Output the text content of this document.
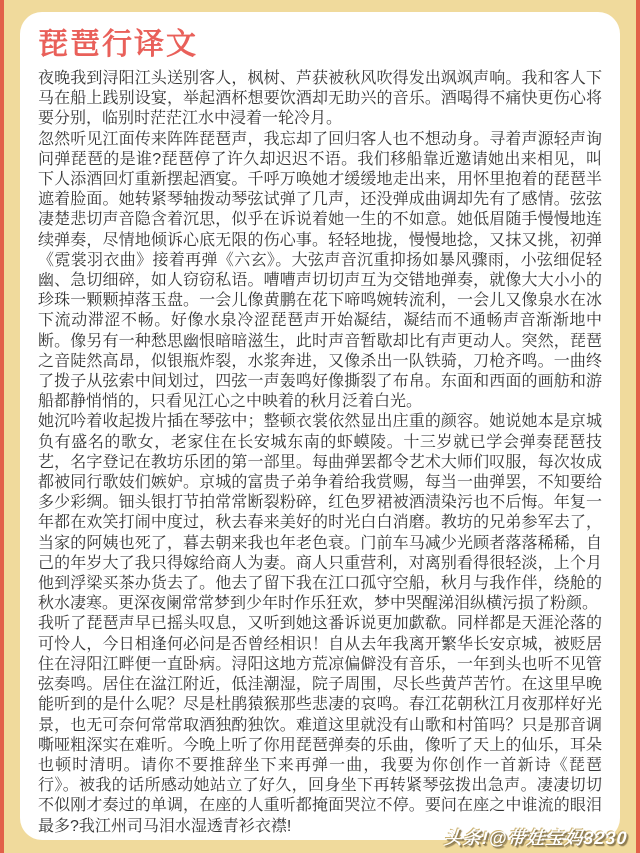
琵琶行译文

夜晚我到浔阳江头送别客人，枫树、芦获被秋风吹得发出飒飒声响。我和客人下马在船上践别设宴，举起酒杯想要饮酒却无助兴的音乐。酒喝得不痛快更伤心将要分别，临别时茫茫江水中浸着一轮冷月。

忽然听见江面传来阵阵琵琶声，我忘却了回归客人也不想动身。寻着声源轻声询问弹琵琶的是谁?琵琶停了许久却迟迟不语。我们移船靠近邀请她出来相见，叫下人添酒回灯重新摆起酒宴。千呼万唤她才缓缓地走出来，用怀里抱着的琵琶半遮着脸面。她转紧琴轴拨动琴弦试弹了几声，还没弹成曲调却先有了感情。弦弦凄楚悲切声音隐含着沉思，似乎在诉说着她一生的不如意。她低眉随手慢慢地连续弹奏，尽情地倾诉心底无限的伤心事。轻轻地拢，慢慢地捻，又抹又挑，初弹《霓裳羽衣曲》接着再弹《六玄》。大弦声音沉重抑扬如暴风骤雨，小弦细促轻幽、急切细碎，如人窃窃私语。嘈嘈声切切声互为交错地弹奏，就像大大小小的珍珠一颗颗掉落玉盘。一会儿像黄鹏在花下啼鸣婉转流利，一会儿又像泉水在冰下流动滞涩不畅。好像水泉冷涩琵琶声开始凝结，凝结而不通畅声音渐渐地中断。像另有一种愁思幽恨暗暗滋生，此时声音暂歇却比有声更动人。突然，琵琶之音陡然高昂，似银瓶炸裂，水浆奔进，又像杀出一队铁骑，刀枪齐鸣。一曲终了拨子从弦索中间划过，四弦一声轰鸣好像撕裂了布帛。东面和西面的画舫和游船都静悄悄的，只看见江心之中映着的秋月泛着白光。

她沉吟着收起拨片插在琴弦中；整顿衣裳依然显出庄重的颜容。她说她本是京城负有盛名的歌女，老家住在长安城东南的虾蟆陵。十三岁就已学会弹奏琵琶技艺，名字登记在教坊乐团的第一部里。每曲弹罢都令艺术大师们叹服，每次妆成都被同行歌妓们嫉妒。京城的富贵子弟争着给我赏赐，每当一曲弹罢，不知要给多少彩绸。钿头银打节拍常常断裂粉碎，红色罗裙被酒渍染污也不后悔。年复一年都在欢笑打闹中度过，秋去春来美好的时光白白消磨。教坊的兄弟参军去了，当家的阿姨也死了，暮去朝来我也年老色衰。门前车马减少光顾者落落稀稀，自己的年岁大了我只得嫁给商人为妻。商人只重营利，对离别看得很轻淡，上个月他到浮梁买茶办货去了。他去了留下我在江口孤守空船，秋月与我作伴，绕舱的秋水凄寒。更深夜阑常常梦到少年时作乐狂欢，梦中哭醒涕泪纵横污损了粉颜。

我听了琵琶声早已摇头叹息，又听到她这番诉说更加歔欷。同样都是天涯沦落的可怜人，今日相逢何必问是否曾经相识！自从去年我离开繁华长安京城，被贬居住在浔阳江畔便一直卧病。浔阳这地方荒凉偏僻没有音乐，一年到头也听不见管弦奏鸣。居住在湓江附近，低洼潮湿，院子周围，尽长些黄芦苦竹。在这里早晚能听到的是什么呢？尽是杜鹃猿猴那些悲凄的哀鸣。春江花朝秋江月夜那样好光景，也无可奈何常常取酒独酌独饮。难道这里就没有山歌和村笛吗？只是那音调嘶哑粗深实在难听。今晚上听了你用琵琶弹奏的乐曲，像听了天上的仙乐，耳朵也顿时清明。请你不要推辞坐下来再弹一曲，我要为你创作一首新诗《琵琶行》。被我的话所感动她站立了好久，回身坐下再转紧琴弦拨出急声。凄凄切切不似刚才奏过的单调，在座的人重听都掩面哭泣不停。要问在座之中谁流的眼泪最多?我江州司马泪水湿透青衫衣襟!

头条!@带娃宝妈3230
